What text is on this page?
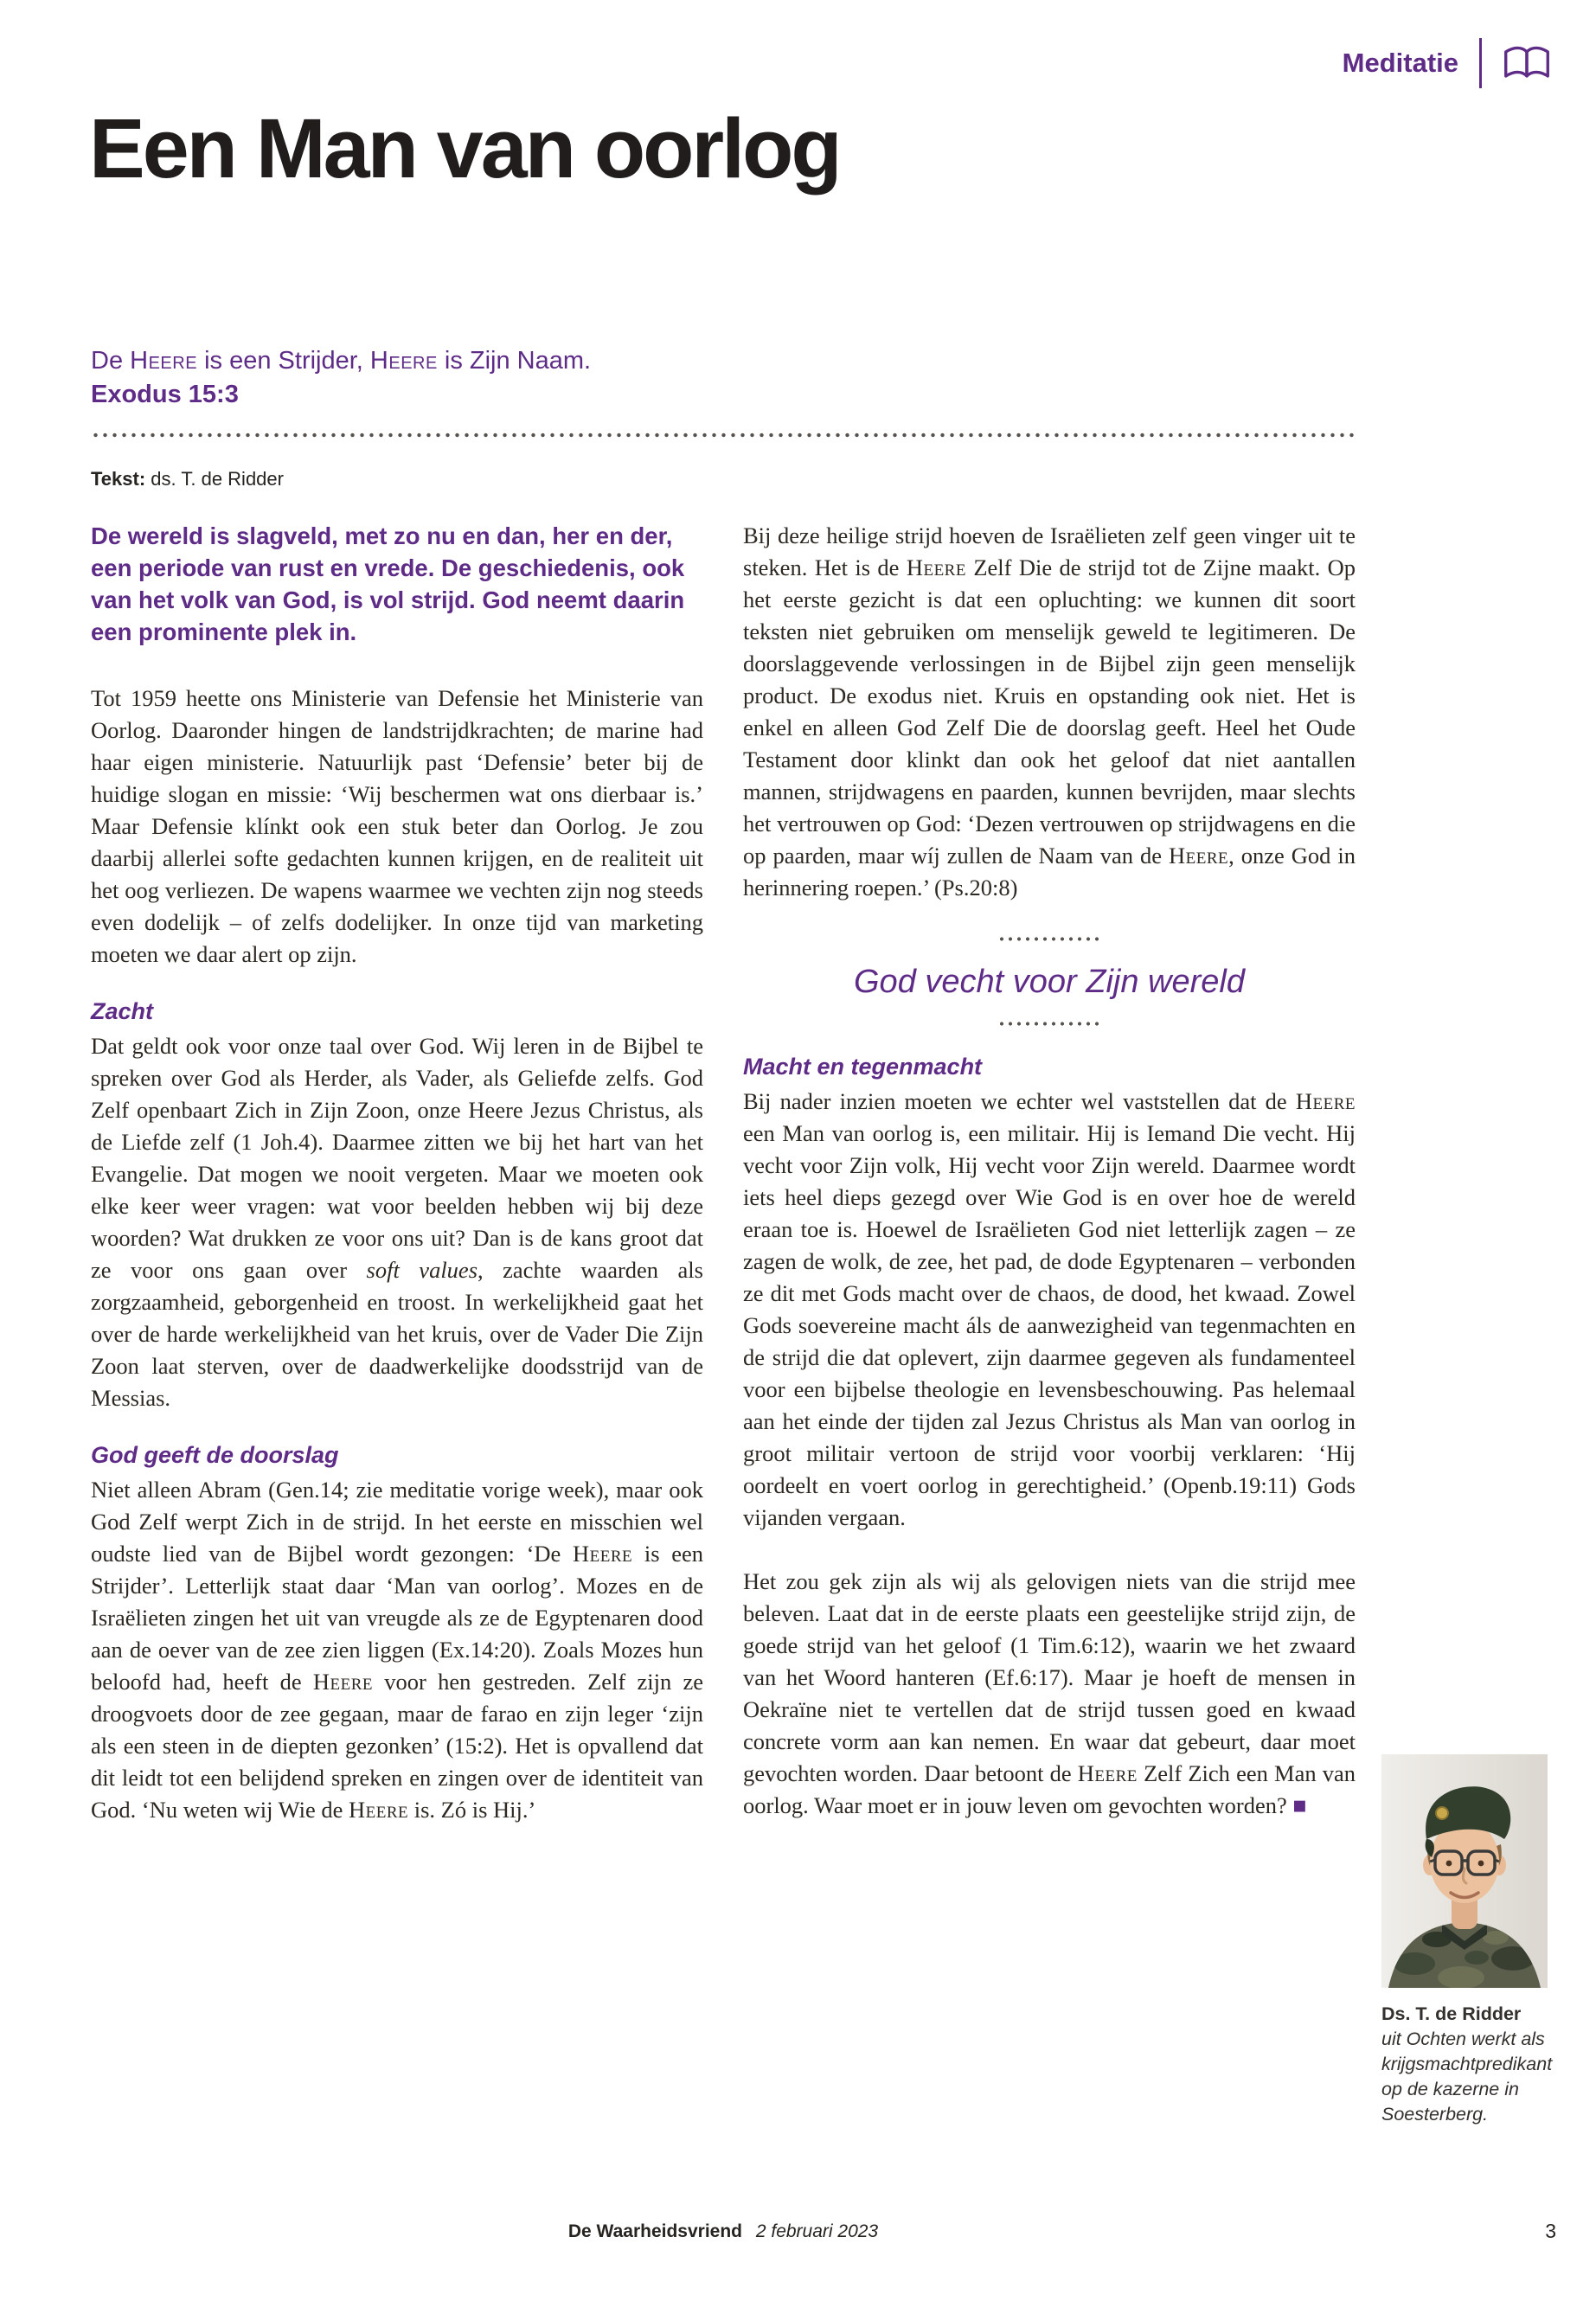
Meditatie
Een Man van oorlog
De Heere is een Strijder, Heere is Zijn Naam.
Exodus 15:3

Tekst: ds. T. de Ridder

De wereld is slagveld, met zo nu en dan, her en der, een periode van rust en vrede. De geschiedenis, ook van het volk van God, is vol strijd. God neemt daarin een prominente plek in.

Tot 1959 heette ons Ministerie van Defensie het Ministerie van Oorlog. Daaronder hingen de landstrijdkrachten; de marine had haar eigen ministerie. Natuurlijk past ‘Defensie’ beter bij de huidige slogan en missie: ‘Wij beschermen wat ons dierbaar is.’ Maar Defensie klínkt ook een stuk beter dan Oorlog. Je zou daarbij allerlei softe gedachten kunnen krijgen, en de realiteit uit het oog verliezen. De wapens waarmee we vechten zijn nog steeds even dodelijk – of zelfs dodelijker. In onze tijd van marketing moeten we daar alert op zijn.

Zacht

Dat geldt ook voor onze taal over God. Wij leren in de Bijbel te spreken over God als Herder, als Vader, als Geliefde zelfs. God Zelf openbaart Zich in Zijn Zoon, onze Heere Jezus Christus, als de Liefde zelf (1 Joh.4). Daarmee zitten we bij het hart van het Evangelie. Dat mogen we nooit vergeten. Maar we moeten ook elke keer weer vragen: wat voor beelden hebben wij bij deze woorden? Wat drukken ze voor ons uit? Dan is de kans groot dat ze voor ons gaan over soft values, zachte waarden als zorgzaamheid, geborgenheid en troost. In werkelijkheid gaat het over de harde werkelijkheid van het kruis, over de Vader Die Zijn Zoon laat sterven, over de daadwerkelijke doodsstrijd van de Messias.

God geeft de doorslag

Niet alleen Abram (Gen.14; zie meditatie vorige week), maar ook God Zelf werpt Zich in de strijd. In het eerste en misschien wel oudste lied van de Bijbel wordt gezongen: ‘De Heere is een Strijder’. Letterlijk staat daar ‘Man van oorlog’. Mozes en de Israëlieten zingen het uit van vreugde als ze de Egyptenaren dood aan de oever van de zee zien liggen (Ex.14:20). Zoals Mozes hun beloofd had, heeft de Heere voor hen gestreden. Zelf zijn ze droogvoets door de zee gegaan, maar de farao en zijn leger ‘zijn als een steen in de diepten gezonken’ (15:2). Het is opvallend dat dit leidt tot een belijdend spreken en zingen over de identiteit van God. ‘Nu weten wij Wie de Heere is. Zó is Hij.’

Bij deze heilige strijd hoeven de Israëlieten zelf geen vinger uit te steken. Het is de Heere Zelf Die de strijd tot de Zijne maakt. Op het eerste gezicht is dat een opluchting: we kunnen dit soort teksten niet gebruiken om menselijk geweld te legitimeren. De doorslaggevende verlossingen in de Bijbel zijn geen menselijk product. De exodus niet. Kruis en opstanding ook niet. Het is enkel en alleen God Zelf Die de doorslag geeft. Heel het Oude Testament door klinkt dan ook het geloof dat niet aantallen mannen, strijdwagens en paarden, kunnen bevrijden, maar slechts het vertrouwen op God: ‘Dezen vertrouwen op strijdwagens en die op paarden, maar wíj zullen de Naam van de Heere, onze God in herinnering roepen.’ (Ps.20:8)

God vecht voor Zijn wereld

Macht en tegenmacht

Bij nader inzien moeten we echter wel vaststellen dat de Heere een Man van oorlog is, een militair. Hij is Iemand Die vecht. Hij vecht voor Zijn volk, Hij vecht voor Zijn wereld. Daarmee wordt iets heel dieps gezegd over Wie God is en over hoe de wereld eraan toe is. Hoewel de Israëlieten God niet letterlijk zagen – ze zagen de wolk, de zee, het pad, de dode Egyptenaren – verbonden ze dit met Gods macht over de chaos, de dood, het kwaad. Zowel Gods soevereine macht áls de aanwezigheid van tegenmachten en de strijd die dat oplevert, zijn daarmee gegeven als fundamenteel voor een bijbelse theologie en levensbeschouwing. Pas helemaal aan het einde der tijden zal Jezus Christus als Man van oorlog in groot militair vertoon de strijd voor voorbij verklaren: ‘Hij oordeelt en voert oorlog in gerechtigheid.’ (Openb.19:11) Gods vijanden vergaan.

Het zou gek zijn als wij als gelovigen niets van die strijd mee beleven. Laat dat in de eerste plaats een geestelijke strijd zijn, de goede strijd van het geloof (1 Tim.6:12), waarin we het zwaard van het Woord hanteren (Ef.6:17). Maar je hoeft de mensen in Oekraïne niet te vertellen dat de strijd tussen goed en kwaad concrete vorm aan kan nemen. En waar dat gebeurt, daar moet gevochten worden. Daar betoont de Heere Zelf Zich een Man van oorlog. Waar moet er in jouw leven om gevochten worden? ■

Ds. T. de Ridder
uit Ochten werkt als krijgsmachtpredikant op de kazerne in Soesterberg.
De Waarheidsvriend 2 februari 2023	3
